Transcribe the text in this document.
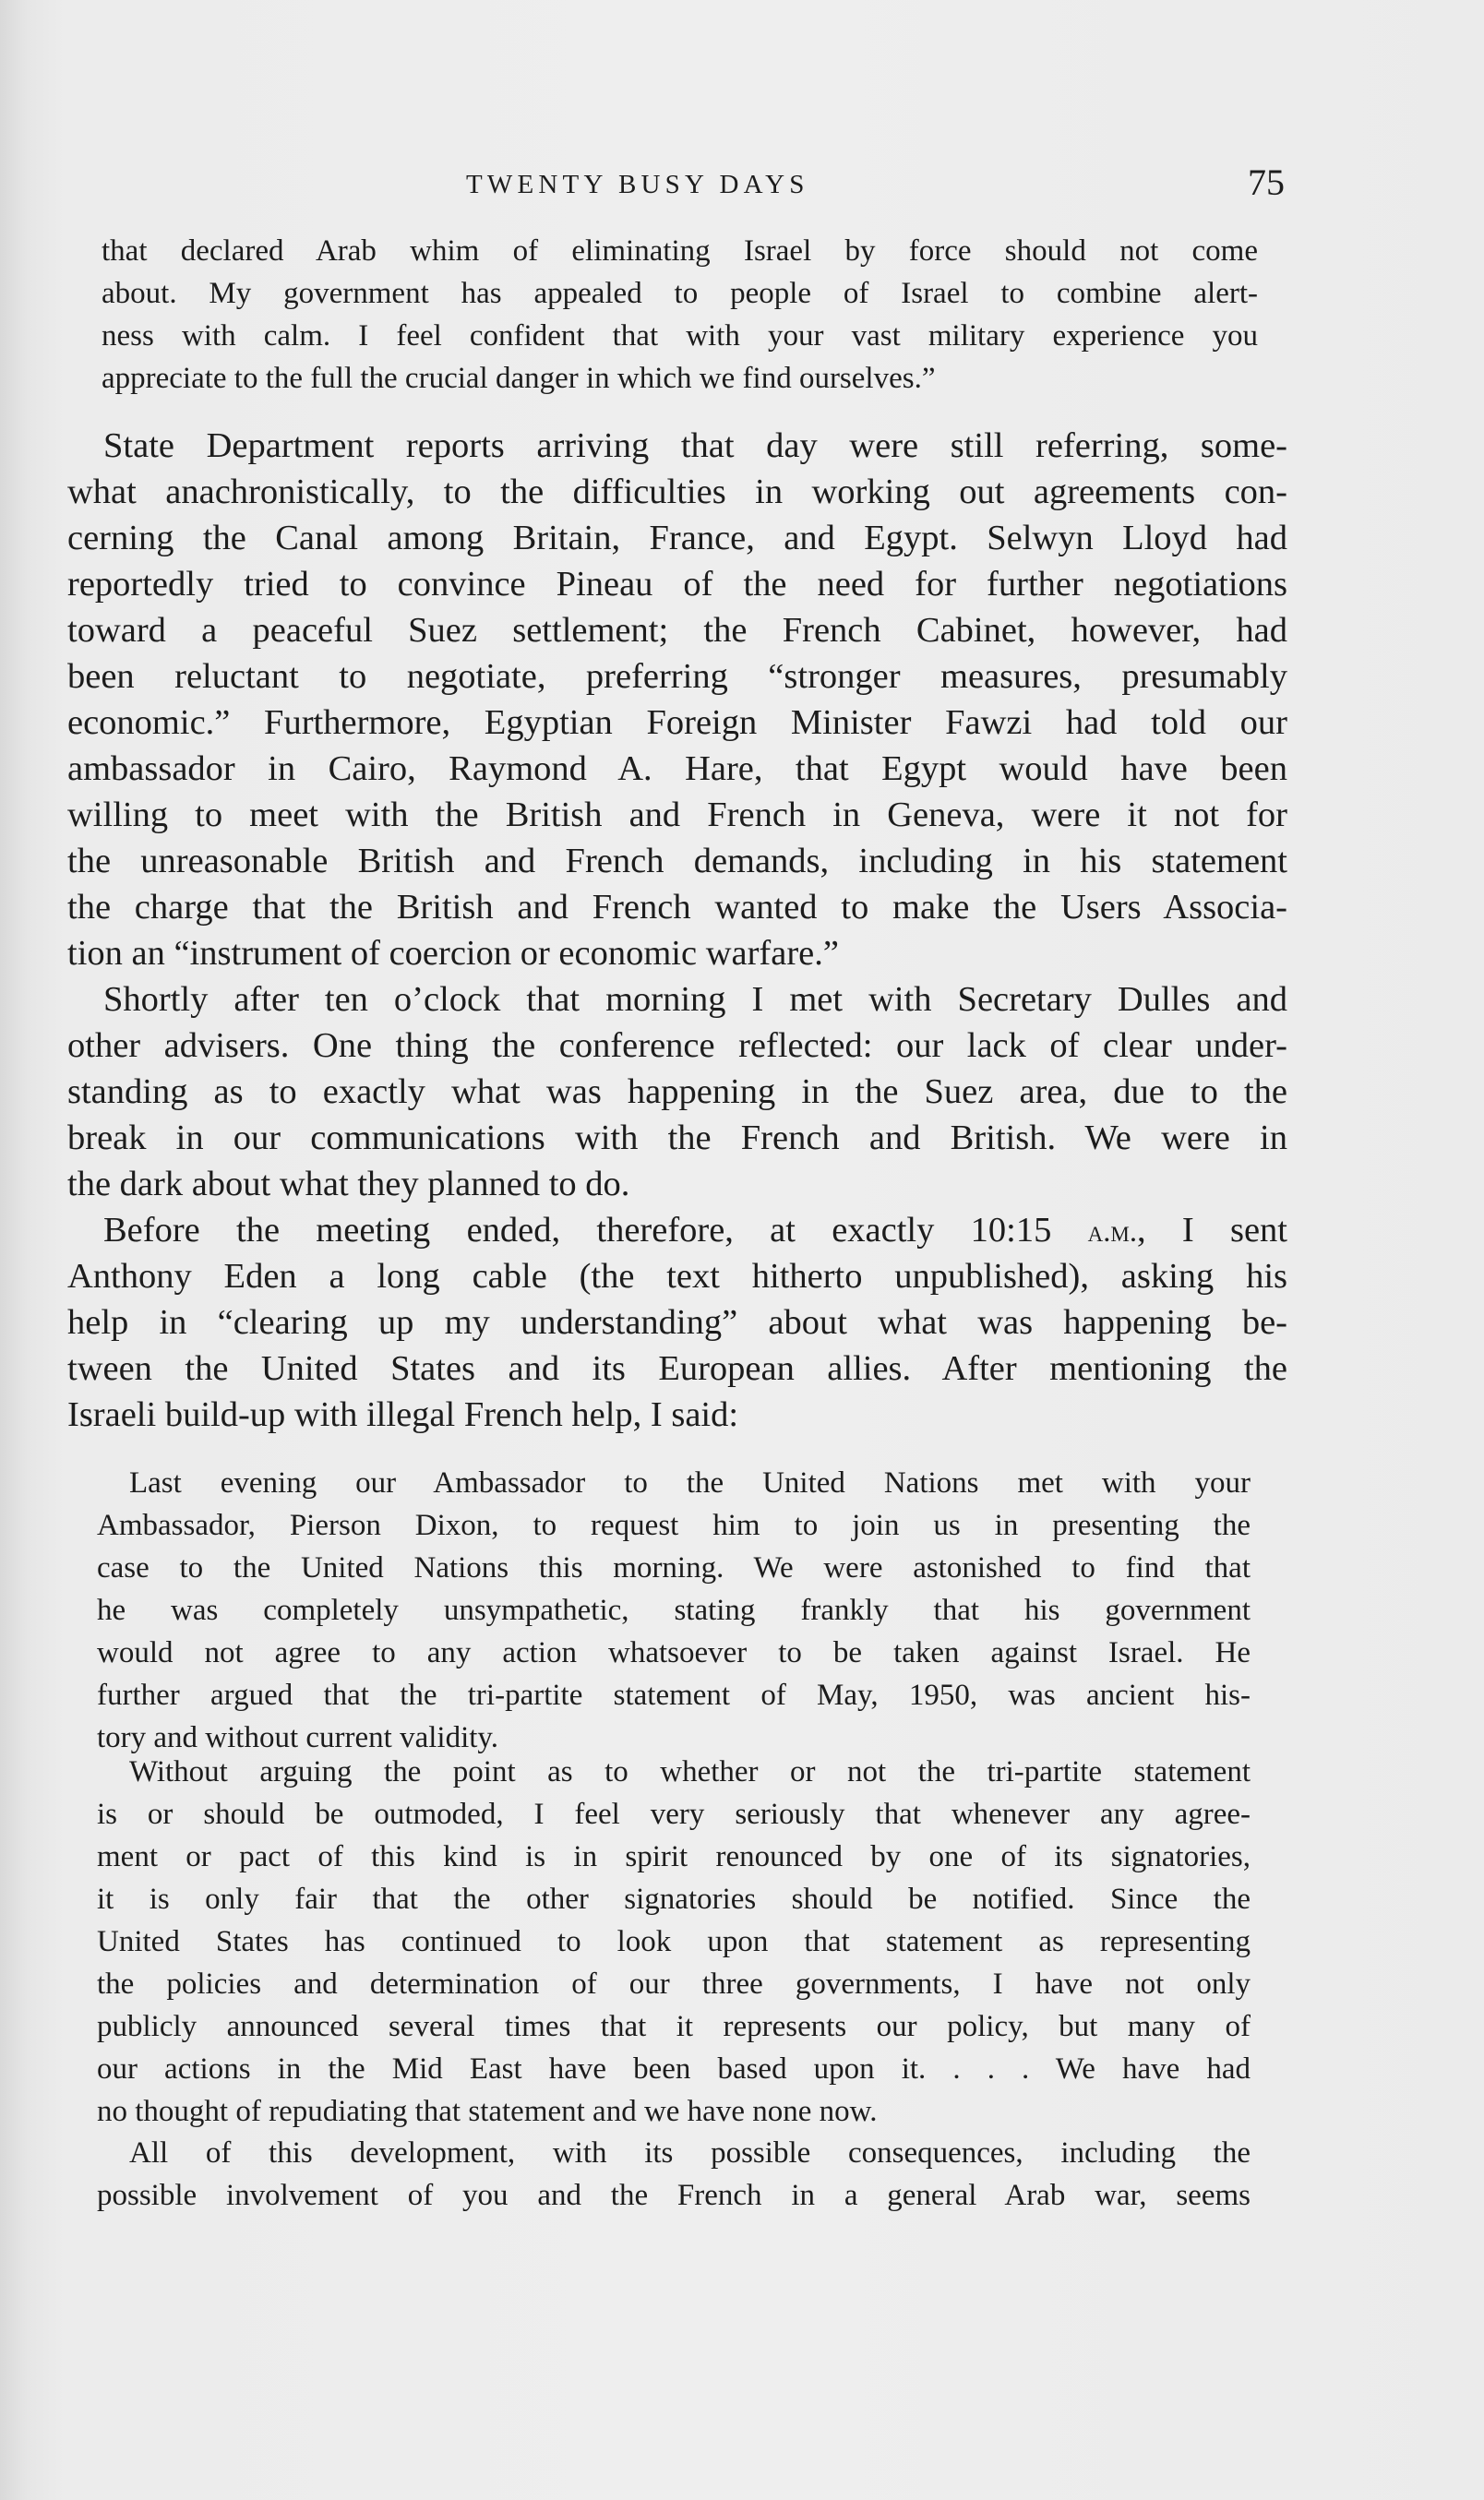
TWENTY BUSY DAYS	75
that declared Arab whim of eliminating Israel by force should not come
about. My government has appealed to people of Israel to combine alert-
ness with calm. I feel confident that with your vast military experience you
appreciate to the full the crucial danger in which we find ourselves.”
State Department reports arriving that day were still referring, some-
what anachronistically, to the difficulties in working out agreements con-
cerning the Canal among Britain, France, and Egypt. Selwyn Lloyd had
reportedly tried to convince Pineau of the need for further negotiations
toward a peaceful Suez settlement; the French Cabinet, however, had
been reluctant to negotiate, preferring “stronger measures, presumably
economic.” Furthermore, Egyptian Foreign Minister Fawzi had told our
ambassador in Cairo, Raymond A. Hare, that Egypt would have been
willing to meet with the British and French in Geneva, were it not for
the unreasonable British and French demands, including in his statement
the charge that the British and French wanted to make the Users Associa-
tion an “instrument of coercion or economic warfare.”
Shortly after ten o’clock that morning I met with Secretary Dulles and
other advisers. One thing the conference reflected: our lack of clear under-
standing as to exactly what was happening in the Suez area, due to the
break in our communications with the French and British. We were in
the dark about what they planned to do.
Before the meeting ended, therefore, at exactly 10:15 a.m., I sent
Anthony Eden a long cable (the text hitherto unpublished), asking his
help in “clearing up my understanding” about what was happening be-
tween the United States and its European allies. After mentioning the
Israeli build-up with illegal French help, I said:
Last evening our Ambassador to the United Nations met with your
Ambassador, Pierson Dixon, to request him to join us in presenting the
case to the United Nations this morning. We were astonished to find that
he was completely unsympathetic, stating frankly that his government
would not agree to any action whatsoever to be taken against Israel. He
further argued that the tri-partite statement of May, 1950, was ancient his-
tory and without current validity.
Without arguing the point as to whether or not the tri-partite statement
is or should be outmoded, I feel very seriously that whenever any agree-
ment or pact of this kind is in spirit renounced by one of its signatories,
it is only fair that the other signatories should be notified. Since the
United States has continued to look upon that statement as representing
the policies and determination of our three governments, I have not only
publicly announced several times that it represents our policy, but many of
our actions in the Mid East have been based upon it. . . . We have had
no thought of repudiating that statement and we have none now.
All of this development, with its possible consequences, including the
possible involvement of you and the French in a general Arab war, seems
